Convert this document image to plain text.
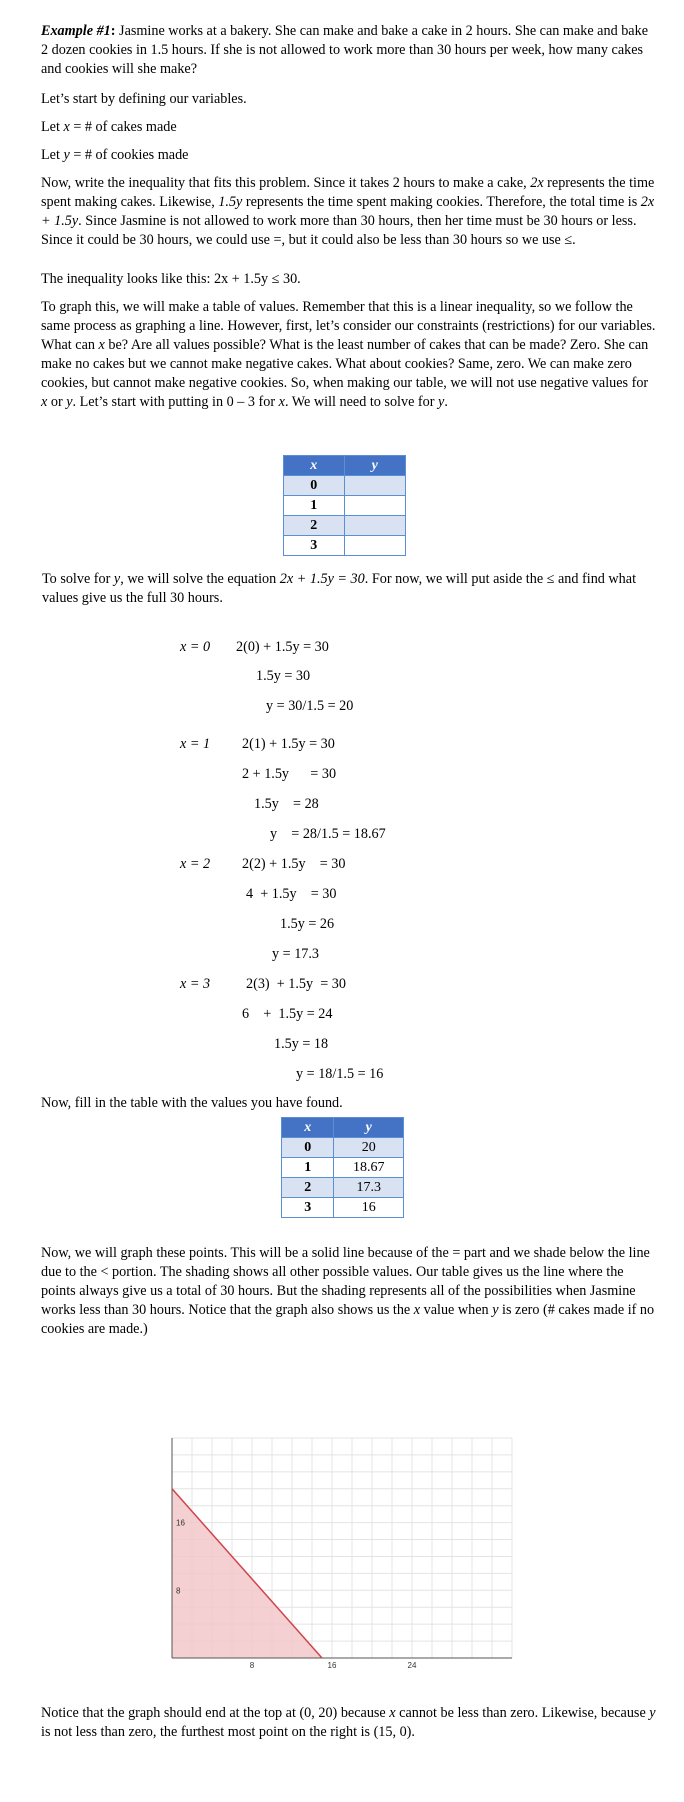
Example #1: Jasmine works at a bakery. She can make and bake a cake in 2 hours. She can make and bake 2 dozen cookies in 1.5 hours. If she is not allowed to work more than 30 hours per week, how many cakes and cookies will she make?

Let’s start by defining our variables.

Let x = # of cakes made

Let y = # of cookies made

Now, write the inequality that fits this problem. Since it takes 2 hours to make a cake, 2x represents the time spent making cakes. Likewise, 1.5y represents the time spent making cookies. Therefore, the total time is 2x + 1.5y. Since Jasmine is not allowed to work more than 30 hours, then her time must be 30 hours or less. Since it could be 30 hours, we could use =, but it could also be less than 30 hours so we use ≤.

The inequality looks like this: 2x + 1.5y ≤ 30.

To graph this, we will make a table of values. Remember that this is a linear inequality, so we follow the same process as graphing a line. However, first, let’s consider our constraints (restrictions) for our variables. What can x be? Are all values possible? What is the least number of cakes that can be made? Zero. She can make no cakes but we cannot make negative cakes. What about cookies? Same, zero. We can make zero cookies, but cannot make negative cookies. So, when making our table, we will not use negative values for x or y. Let’s start with putting in 0 – 3 for x. We will need to solve for y.

x	y
0	
1	
2	
3	

To solve for y, we will solve the equation 2x + 1.5y = 30. For now, we will put aside the ≤ and find what values give us the full 30 hours.

x = 0 2(0) + 1.5y = 30
1.5y = 30
y = 30/1.5 = 20
x = 1 2(1) + 1.5y = 30
2 + 1.5y      = 30
1.5y    = 28
y    = 28/1.5 = 18.67
x = 2 2(2) + 1.5y    = 30
4  + 1.5y    = 30
1.5y = 26
y = 17.3
x = 3	2(3)  + 1.5y  = 30
6    +  1.5y = 24
1.5y = 18
y = 18/1.5 = 16

Now, fill in the table with the values you have found.

x	y
0	20
1	18.67
2	17.3
3	16

Now, we will graph these points. This will be a solid line because of the = part and we shade below the line due to the < portion. The shading shows all other possible values. Our table gives us the line where the points always give us a total of 30 hours. But the shading represents all of the possibilities when Jasmine works less than 30 hours. Notice that the graph also shows us the x value when y is zero (# cakes made if no cookies are made.)

8	16	24
8
16

Notice that the graph should end at the top at (0, 20) because x cannot be less than zero. Likewise, because y is not less than zero, the furthest most point on the right is (15, 0).
